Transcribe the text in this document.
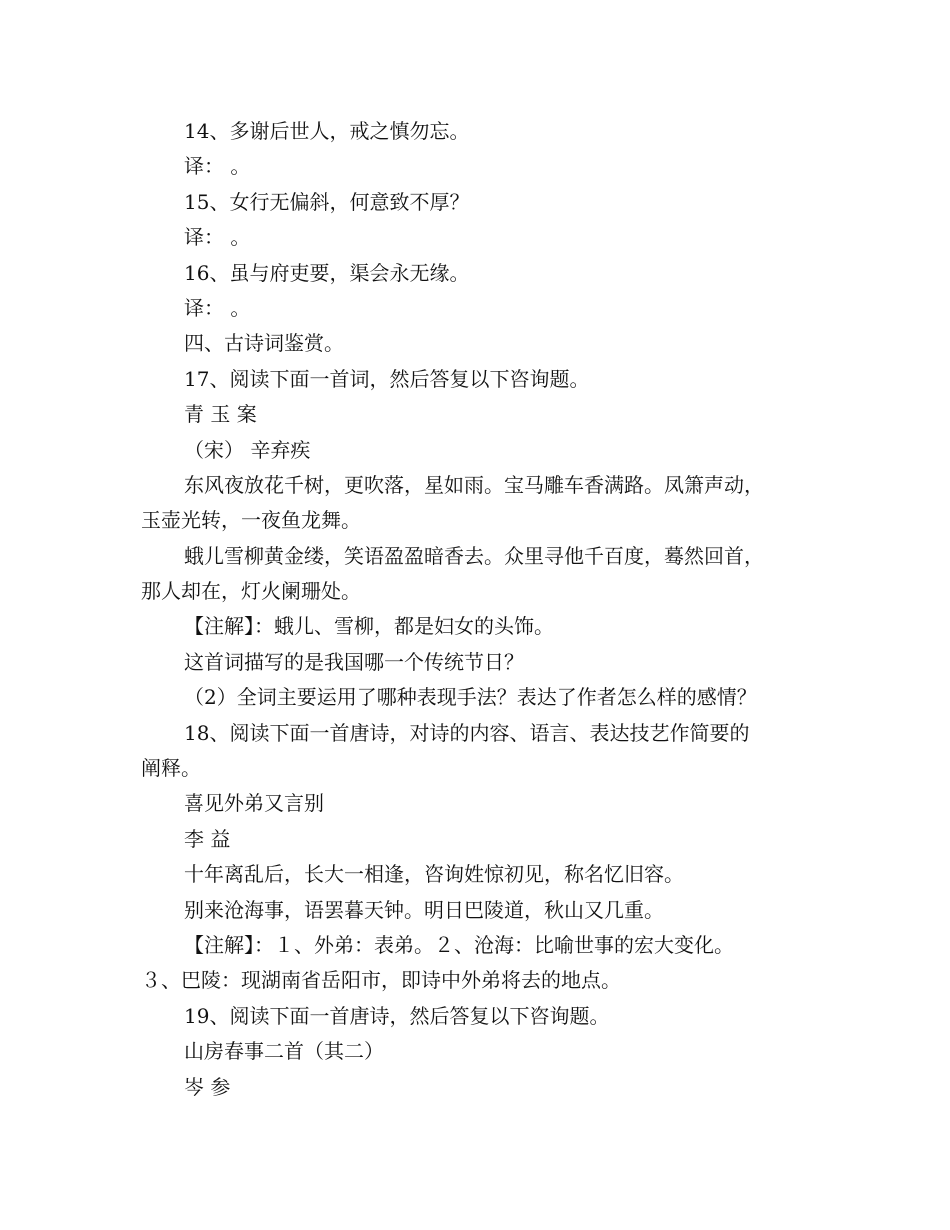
14、多谢后世人，戒之慎勿忘。
译： 。
15、女行无偏斜，何意致不厚？
译： 。
16、虽与府吏要，渠会永无缘。
译： 。
四、古诗词鉴赏。
17、阅读下面一首词，然后答复以下咨询题。
青 玉 案
（宋） 辛弃疾
东风夜放花千树，更吹落，星如雨。宝马雕车香满路。凤箫声动，
玉壶光转，一夜鱼龙舞。
蛾儿雪柳黄金缕，笑语盈盈暗香去。众里寻他千百度，蓦然回首，
那人却在，灯火阑珊处。
【注解】：蛾儿、雪柳，都是妇女的头饰。
这首词描写的是我国哪一个传统节日？
（2）全词主要运用了哪种表现手法？表达了作者怎么样的感情？
18、阅读下面一首唐诗，对诗的内容、语言、表达技艺作简要的
阐释。
喜见外弟又言别
李 益
十年离乱后，长大一相逢，咨询姓惊初见，称名忆旧容。
别来沧海事，语罢暮天钟。明日巴陵道，秋山又几重。
【注解】：１、外弟：表弟。２、沧海：比喻世事的宏大变化。
３、巴陵：现湖南省岳阳市，即诗中外弟将去的地点。
19、阅读下面一首唐诗，然后答复以下咨询题。
山房春事二首（其二）
岑 参
